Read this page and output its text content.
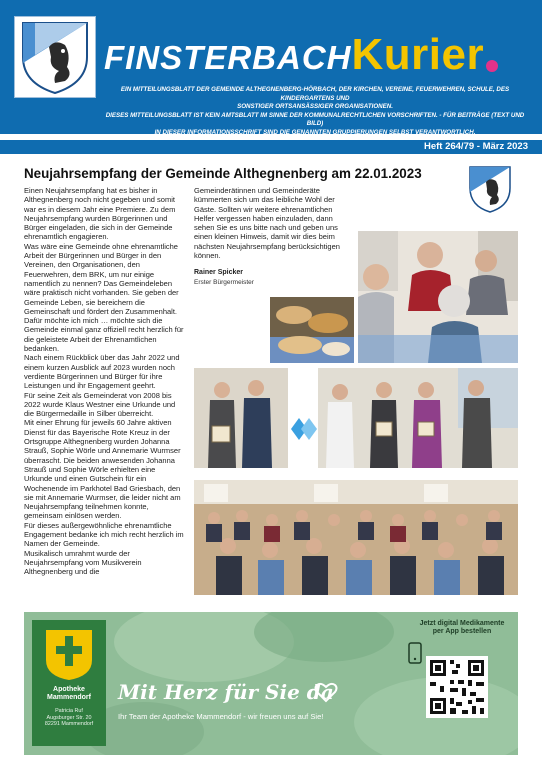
FINSTERBACHKurier
EIN MITTEILUNGSBLATT DER GEMEINDE ALTHEGNENBERG-HÖRBACH, DER KIRCHEN, VEREINE, FEUERWEHREN, SCHULE, DES KINDERGARTENS UND
SONSTIGER ORTSANSÄSSIGER ORGANISATIONEN.
DIESES MITTEILUNGSBLATT IST KEIN AMTSBLATT IM SINNE DER KOMMUNALRECHTLICHEN VORSCHRIFTEN. - FÜR BEITRÄGE (TEXT UND BILD)
IN DIESER INFORMATIONSSCHRIFT SIND DIE GENANNTEN GRUPPIERUNGEN SELBST VERANTWORTLICH.
Heft 264/79 - März 2023
Neujahrsempfang der Gemeinde Althegnenberg am 22.01.2023

Einen Neujahrsempfang hat es bisher in Althegnenberg noch nicht gegeben und somit war es in diesem Jahr eine Premiere. Zu dem Neujahrsempfang wurden Bürgerinnen und Bürger eingeladen, die sich in der Gemeinde ehrenamtlich engagieren.

Was wäre eine Gemeinde ohne ehrenamtliche Arbeit der Bürgerinnen und Bürger in den Vereinen, den Organisationen, den Feuerwehren, dem BRK, um nur einige namentlich zu nennen? Das Gemeindeleben wäre praktisch nicht vorhanden. Sie geben der Gemeinde Leben, sie bereichern die Gemeinschaft und fördert den Zusammenhalt. Dafür möchte ich mich … möchte sich die Gemeinde einmal ganz offiziell recht herzlich für die geleistete Arbeit der Ehrenamtlichen bedanken.

Nach einem Rückblick über das Jahr 2022 und einem kurzen Ausblick auf 2023 wurden noch verdiente Bürgerinnen und Bürger für ihre Leistungen und ihr Engagement geehrt.

Für seine Zeit als Gemeinderat von 2008 bis 2022 wurde Klaus Westner eine Urkunde und die Bürgermedaille in Silber überreicht.

Mit einer Ehrung für jeweils 60 Jahre aktiven Dienst für das Bayerische Rote Kreuz in der Ortsgruppe Althegnenberg wurden Johanna Strauß, Sophie Wörle und Annemarie Wurmser überrascht. Die beiden anwesenden Johanna Strauß und Sophie Wörle erhielten eine Urkunde und einen Gutschein für ein Wochenende im Parkhotel Bad Griesbach, den sie mit Annemarie Wurmser, die leider nicht am Neujahrsempfang teilnehmen konnte, gemeinsam einlösen werden.

Für dieses außergewöhnliche ehrenamtliche Engagement bedanke ich mich recht herzlich im Namen der Gemeinde.

Musikalisch umrahmt wurde der Neujahrsempfang vom Musikverein Althegnenberg und die

Gemeinderätinnen und Gemeinderäte kümmerten sich um das leibliche Wohl der Gäste. Sollten wir weitere ehrenamtlichen Helfer vergessen haben einzuladen, dann sehen Sie es uns bitte nach und geben uns einen kleinen Hinweis, damit wir dies beim nächsten Neujahrsempfang berücksichtigen können.

Rainer Spicker
Erster Bürgermeister
Apotheke Mammendorf
Patricia Ruf
Augsburger Str. 20
82291 Mammendorf
Mit Herz für Sie da
Ihr Team der Apotheke Mammendorf - wir freuen uns auf Sie!
Jetzt digital Medikamente
per App bestellen
